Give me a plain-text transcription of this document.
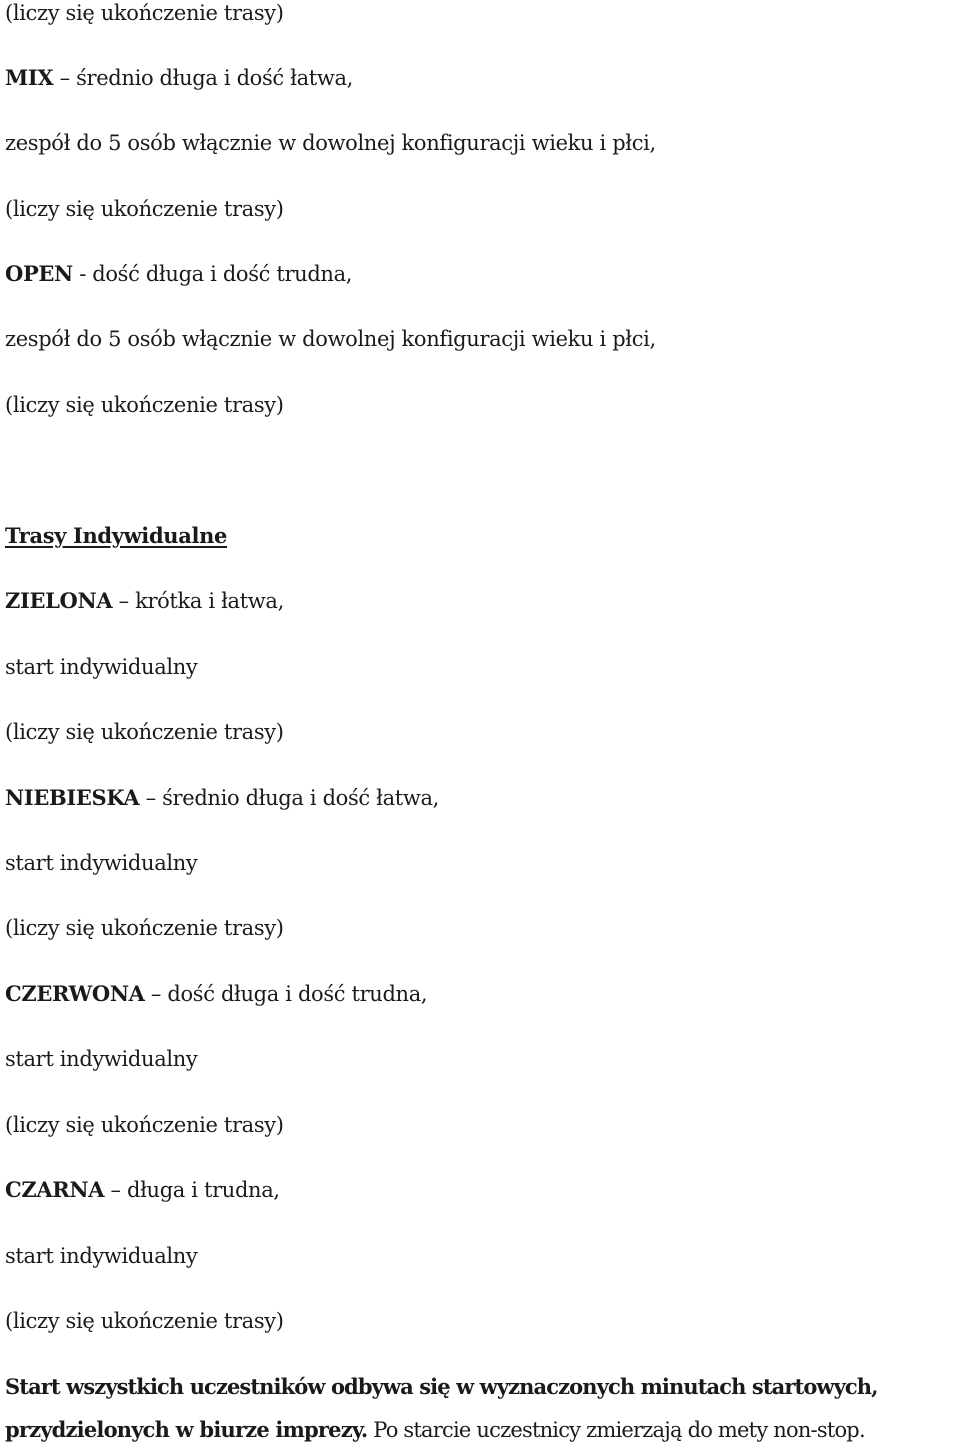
(liczy się ukończenie trasy)
MIX – średnio długa i dość łatwa,
zespół do 5 osób włącznie w dowolnej konfiguracji wieku i płci,
(liczy się ukończenie trasy)
OPEN - dość długa i dość trudna,
zespół do 5 osób włącznie w dowolnej konfiguracji wieku i płci,
(liczy się ukończenie trasy)
Trasy Indywidualne
ZIELONA – krótka i łatwa,
start indywidualny
(liczy się ukończenie trasy)
NIEBIESKA – średnio długa i dość łatwa,
start indywidualny
(liczy się ukończenie trasy)
CZERWONA – dość długa i dość trudna,
start indywidualny
(liczy się ukończenie trasy)
CZARNA – długa i trudna,
start indywidualny
(liczy się ukończenie trasy)
Start wszystkich uczestników odbywa się w wyznaczonych minutach startowych,
przydzielonych w biurze imprezy. Po starcie uczestnicy zmierzają do mety non-stop.
